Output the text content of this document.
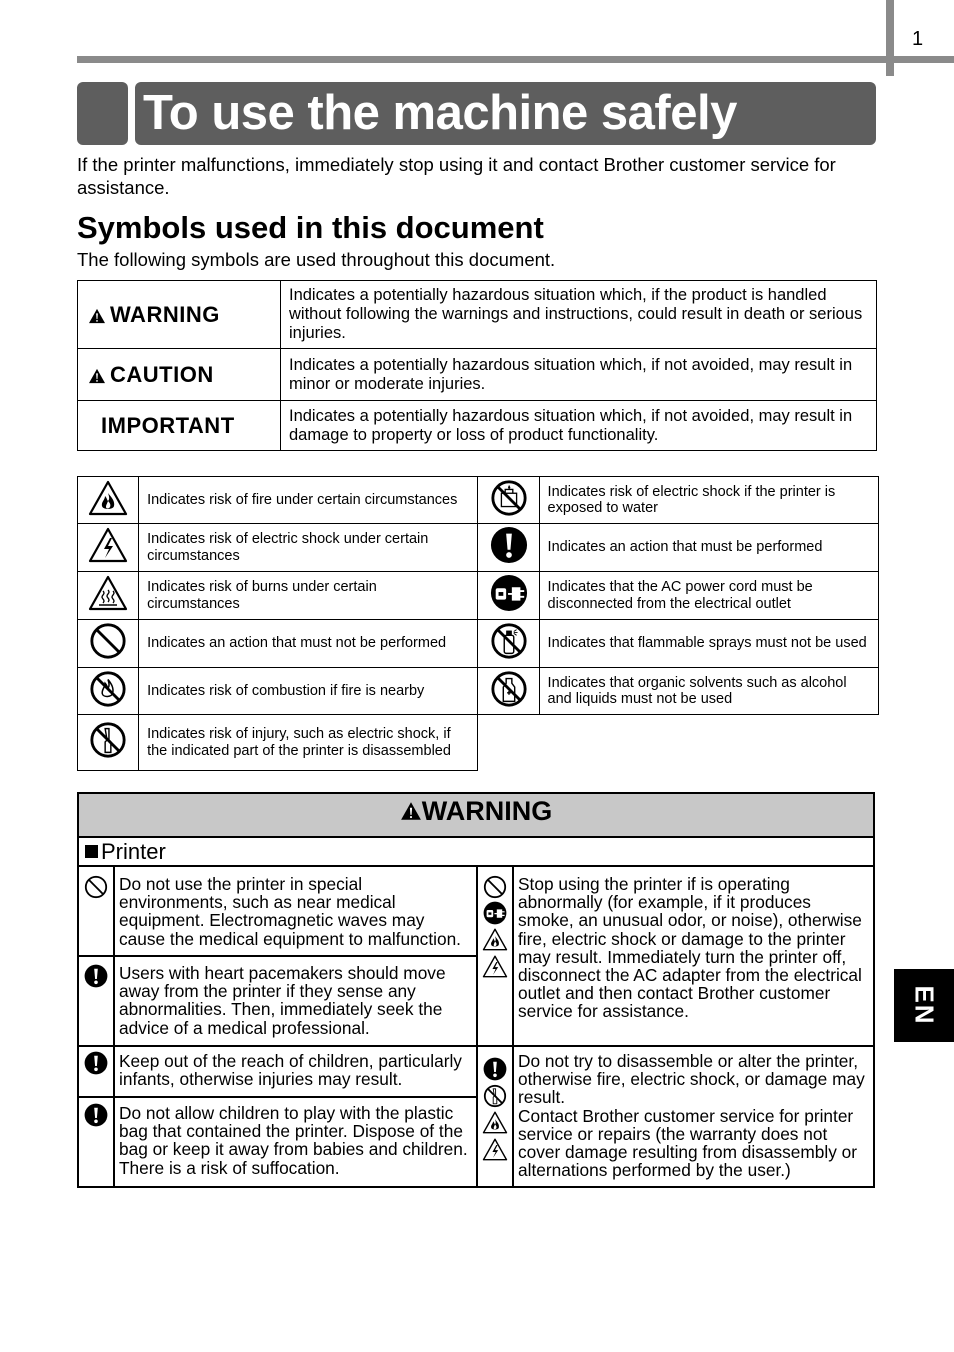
1
To use the machine safely
If the printer malfunctions, immediately stop using it and contact Brother customer service for assistance.
Symbols used in this document
The following symbols are used throughout this document.
WARNING	Indicates a potentially hazardous situation which, if the product is handled without following the warnings and instructions, could result in death or serious injuries.
CAUTION	Indicates a potentially hazardous situation which, if not avoided, may result in minor or moderate injuries.
IMPORTANT	Indicates a potentially hazardous situation which, if not avoided, may result in damage to property or loss of product functionality.
	Indicates risk of fire under certain circumstances		Indicates risk of electric shock if the printer is exposed to water
	Indicates risk of electric shock under certain circumstances		Indicates an action that must be performed
	Indicates risk of burns under certain circumstances		Indicates that the AC power cord must be disconnected from the electrical outlet
	Indicates an action that must not be performed		Indicates that flammable sprays must not be used
	Indicates risk of combustion if fire is nearby		Indicates that organic solvents such as alcohol and liquids must not be used
	Indicates risk of injury, such as electric shock, if the indicated part of the printer is disassembled		
WARNING
Printer
Do not use the printer in special environments, such as near medical equipment. Electromagnetic waves may cause the medical equipment to malfunction.
Users with heart pacemakers should move away from the printer if they sense any abnormalities. Then, immediately seek the advice of a medical professional.
Stop using the printer if is operating abnormally (for example, if it produces smoke, an unusual odor, or noise), otherwise fire, electric shock or damage to the printer may result. Immediately turn the printer off, disconnect the AC adapter from the electrical outlet and then contact Brother customer service for assistance.
Keep out of the reach of children, particularly infants, otherwise injuries may result.
Do not allow children to play with the plastic bag that contained the printer. Dispose of the bag or keep it away from babies and children. There is a risk of suffocation.
Do not try to disassemble or alter the printer, otherwise fire, electric shock, or damage may result.
Contact Brother customer service for printer service or repairs (the warranty does not cover damage resulting from disassembly or alternations performed by the user.)
EN
